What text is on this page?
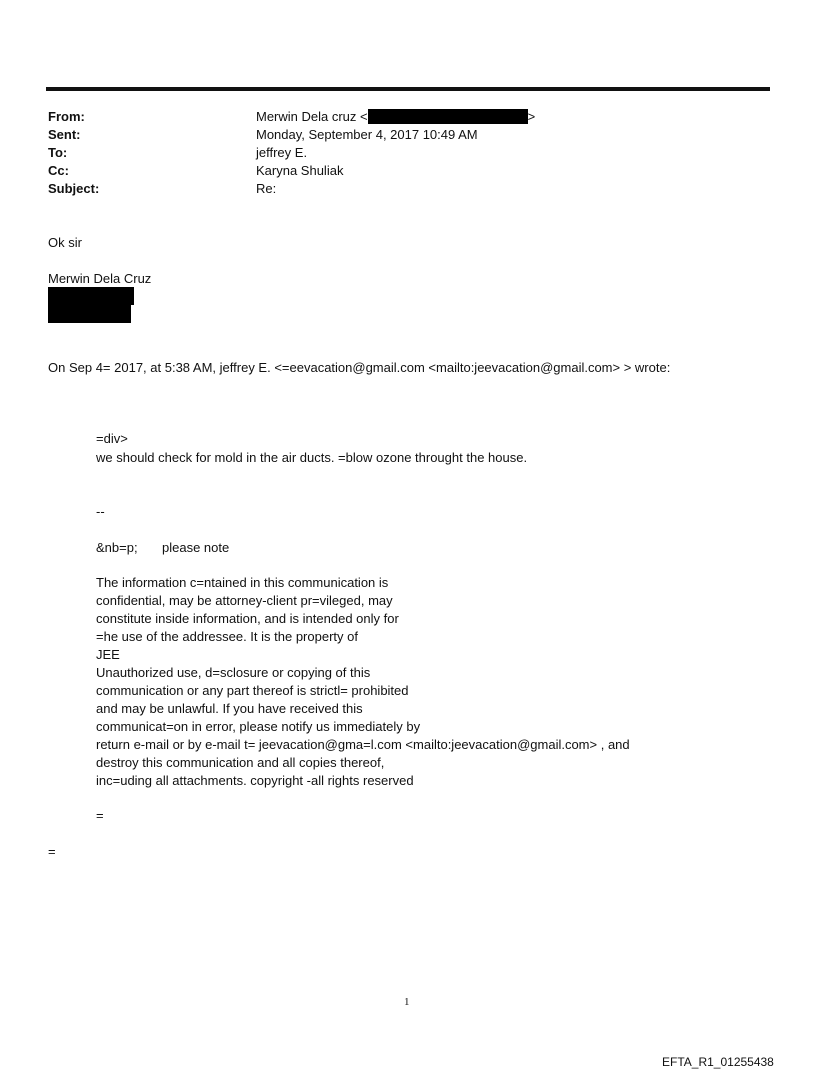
From:	Merwin Dela cruz <	>
Sent:	Monday, September 4, 2017 10:49 AM
To:	jeffrey E.
Cc:	Karyna Shuliak
Subject:	Re:
Ok sir
Merwin Dela Cruz
On Sep 4= 2017, at 5:38 AM, jeffrey E. <=eevacation@gmail.com <mailto:jeevacation@gmail.com> > wrote:
=div>
we should check for mold in the air ducts. =blow ozone throught the house.
--
&nb=p; please note
The information c=ntained in this communication is
confidential, may be attorney-client pr=vileged, may
constitute inside information, and is intended only for
=he use of the addressee. It is the property of
JEE
Unauthorized use, d=sclosure or copying of this
communication or any part thereof is strictl= prohibited
and may be unlawful. If you have received this
communicat=on in error, please notify us immediately by
return e-mail or by e-mail t= jeevacation@gma=l.com <mailto:jeevacation@gmail.com> , and
destroy this communication and all copies thereof,
inc=uding all attachments. copyright -all rights reserved
=
=
1
EFTA_R1_01255438
